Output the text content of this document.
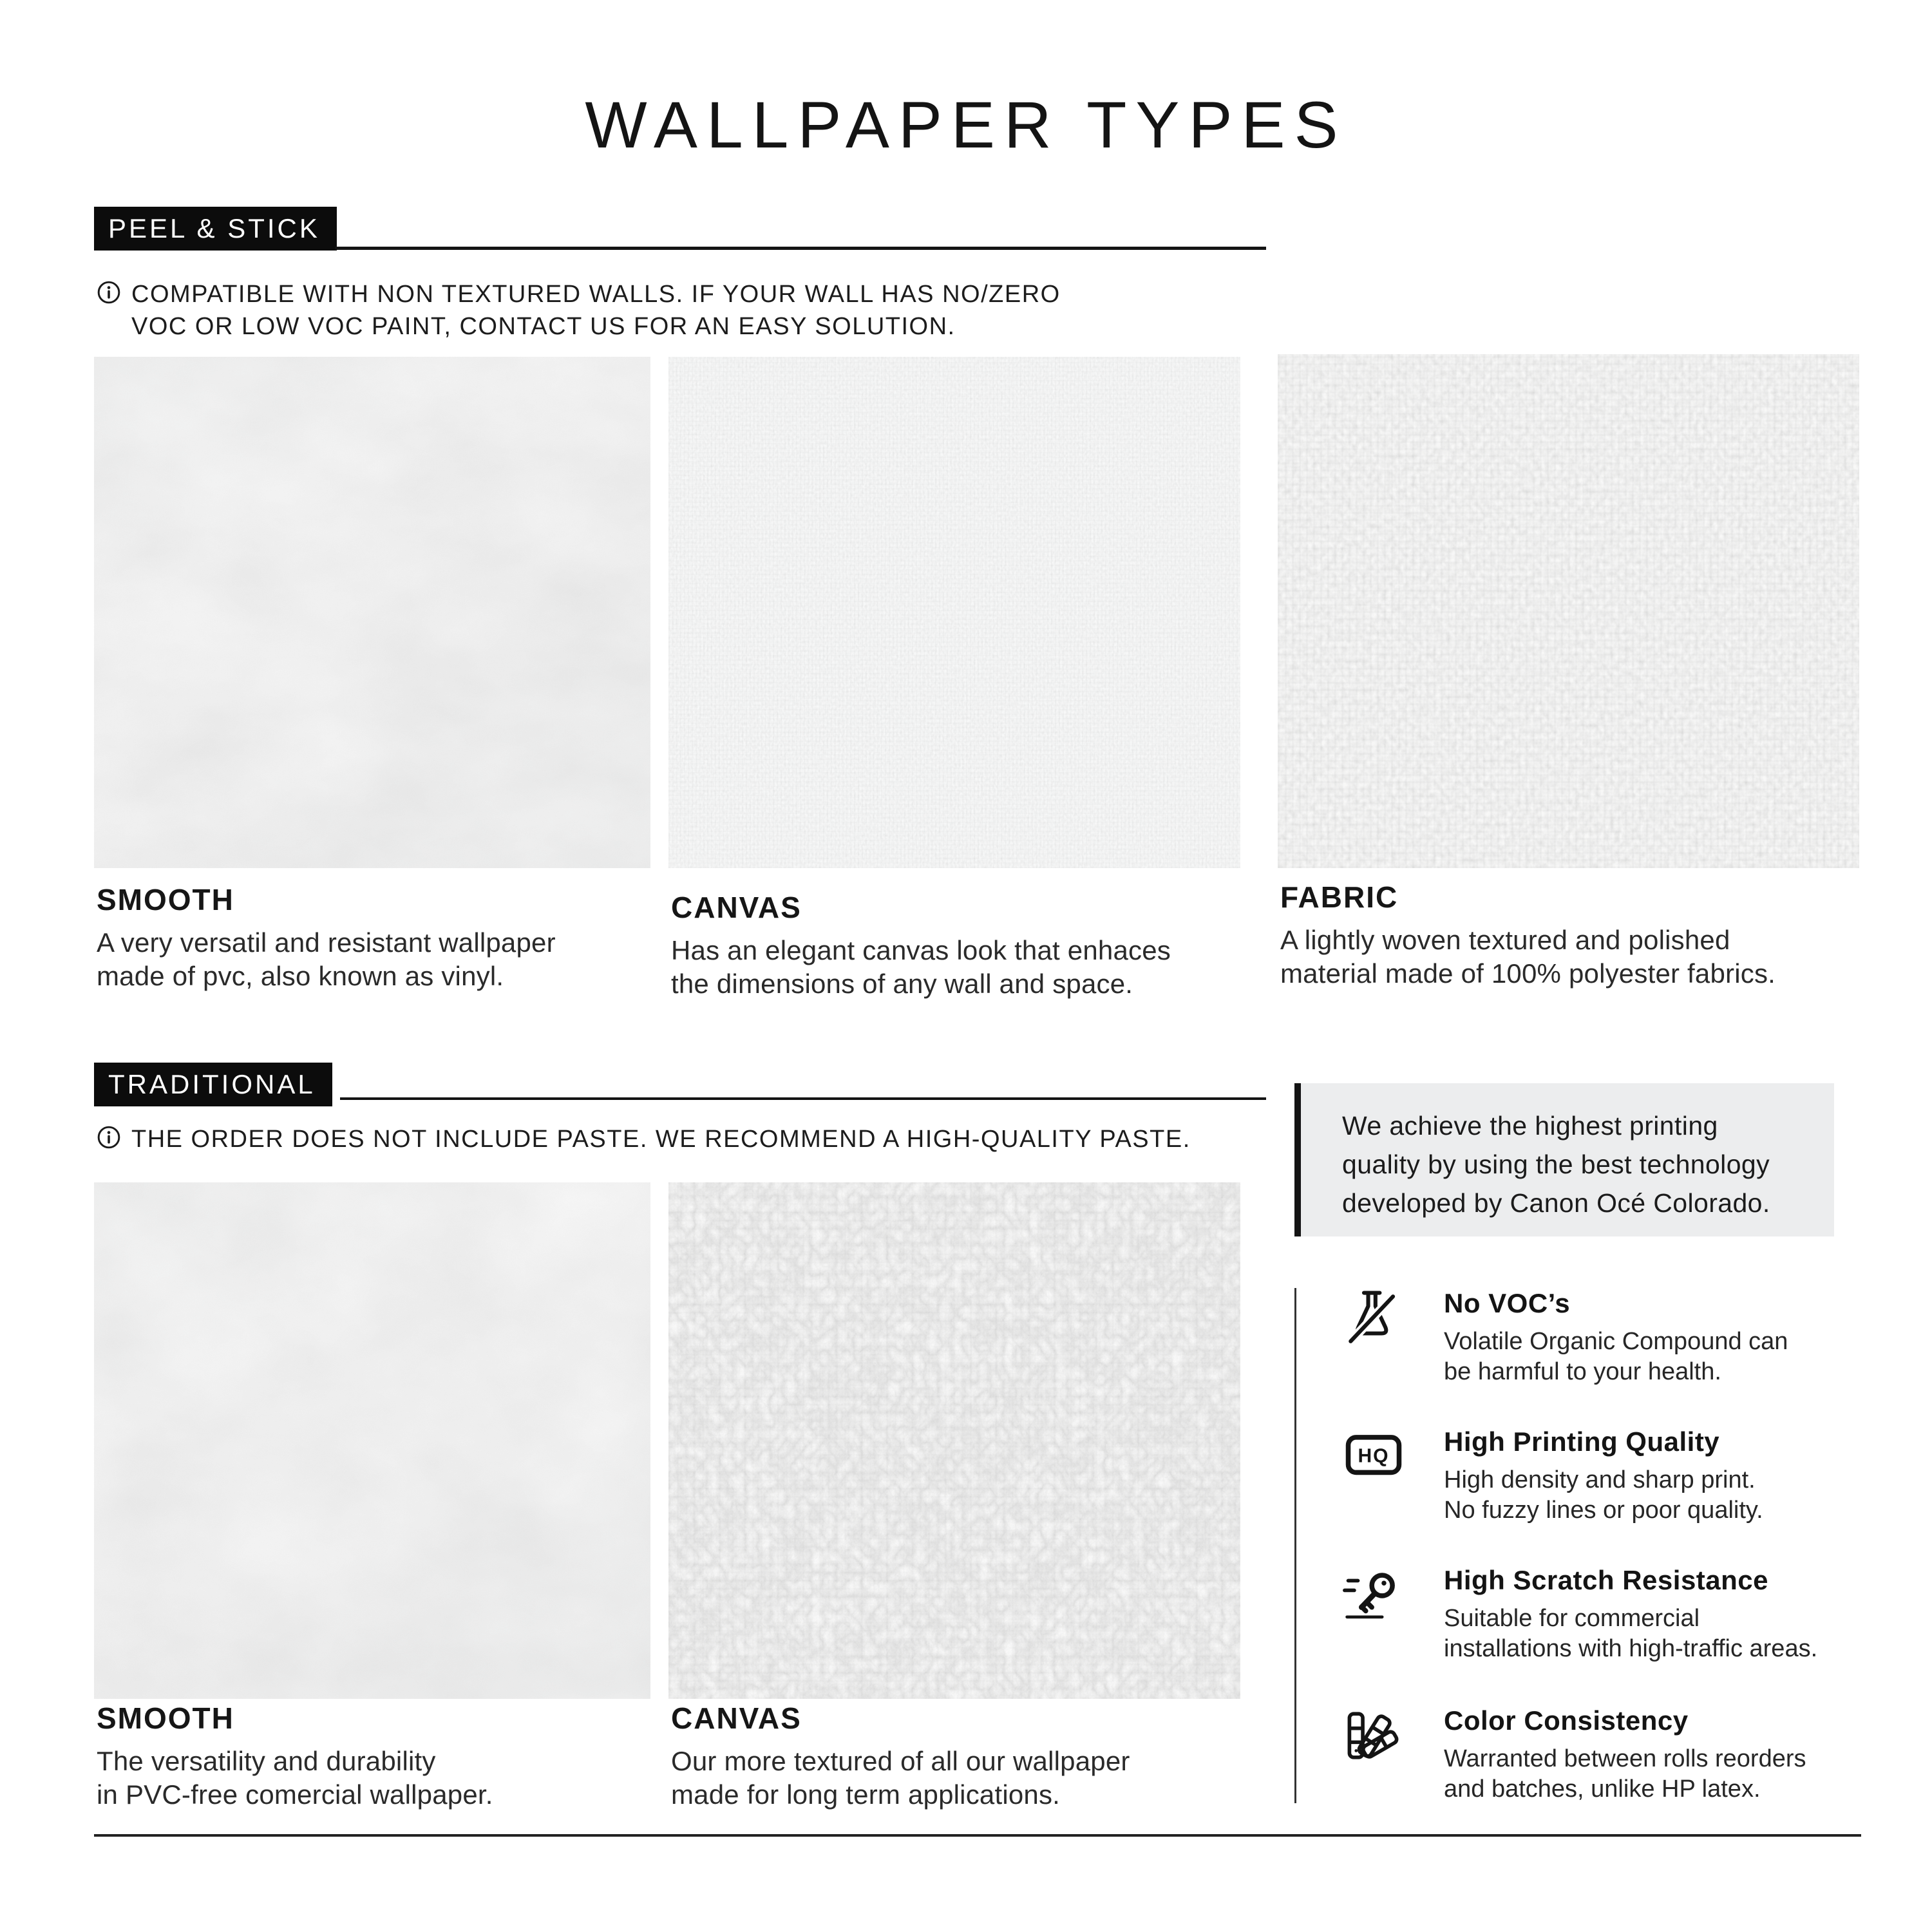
WALLPAPER TYPES
PEEL & STICK
COMPATIBLE WITH NON TEXTURED WALLS. IF YOUR WALL HAS NO/ZERO
VOC OR LOW VOC PAINT, CONTACT US FOR AN EASY SOLUTION.
SMOOTH
A very versatil and resistant wallpaper
made of pvc, also known as vinyl.
CANVAS
Has an elegant canvas look that enhaces
the dimensions of any wall and space.
FABRIC
A lightly woven textured and polished
material made of 100% polyester fabrics.
TRADITIONAL
THE ORDER DOES NOT INCLUDE PASTE. WE RECOMMEND A HIGH-QUALITY PASTE.
SMOOTH
The versatility and durability
in PVC-free comercial wallpaper.
CANVAS
Our more textured of all our wallpaper
made for long term applications.
We achieve the highest printing
quality by using the best technology
developed by Canon Océ Colorado.
No VOC’s
Volatile Organic Compound can
be harmful to your health.
HQ High Printing Quality
High density and sharp print.
No fuzzy lines or poor quality.
High Scratch Resistance
Suitable for commercial
installations with high-traffic areas.
Color Consistency
Warranted between rolls reorders
and batches, unlike HP latex.
